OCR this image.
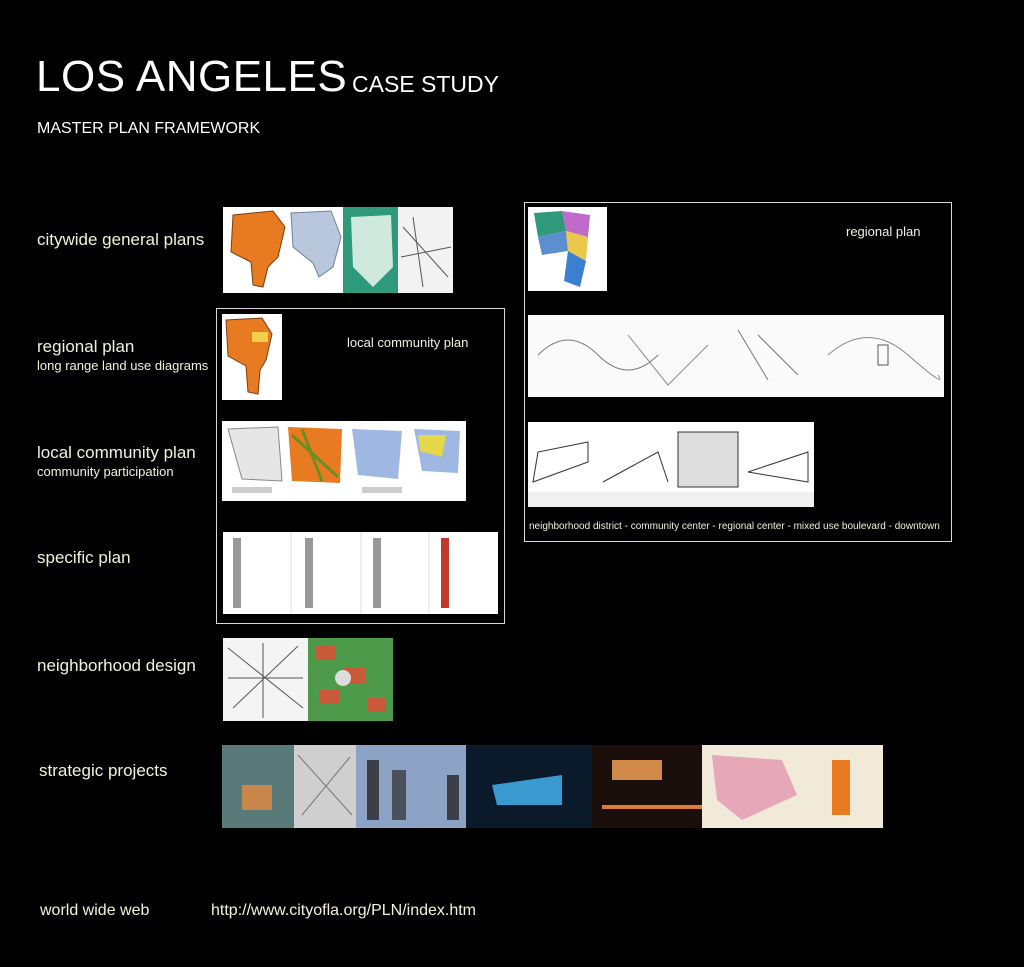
LOS ANGELES CASE STUDY
MASTER PLAN FRAMEWORK
citywide general plans
regional plan
long range land use diagrams
local community plan
community participation
specific plan
neighborhood design
strategic projects
local community plan
regional plan
neighborhood district - community center - regional center - mixed use boulevard - downtown
world wide web	http://www.cityofla.org/PLN/index.htm
